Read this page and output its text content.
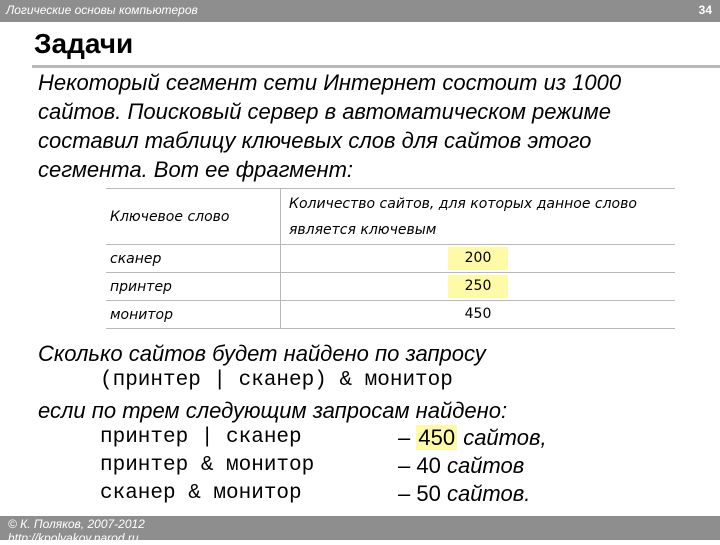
Логические основы компьютеров	34
Задачи
Некоторый сегмент сети Интернет состоит из 1000 сайтов. Поисковый сервер в автоматическом режиме составил таблицу ключевых слов для сайтов этого сегмента. Вот ее фрагмент:
Ключевое слово	Количество сайтов, для которых данное слово является ключевым
сканер	200
принтер	250
монитор	450
Сколько сайтов будет найдено по запросу
(принтер | сканер) & монитор
если по трем следующим запросам найдено:
принтер | сканер	– 450 сайтов,
принтер & монитор	– 40 сайтов
сканер & монитор	– 50 сайтов.
© К. Поляков, 2007-2012
http://kpolyakov.narod.ru
